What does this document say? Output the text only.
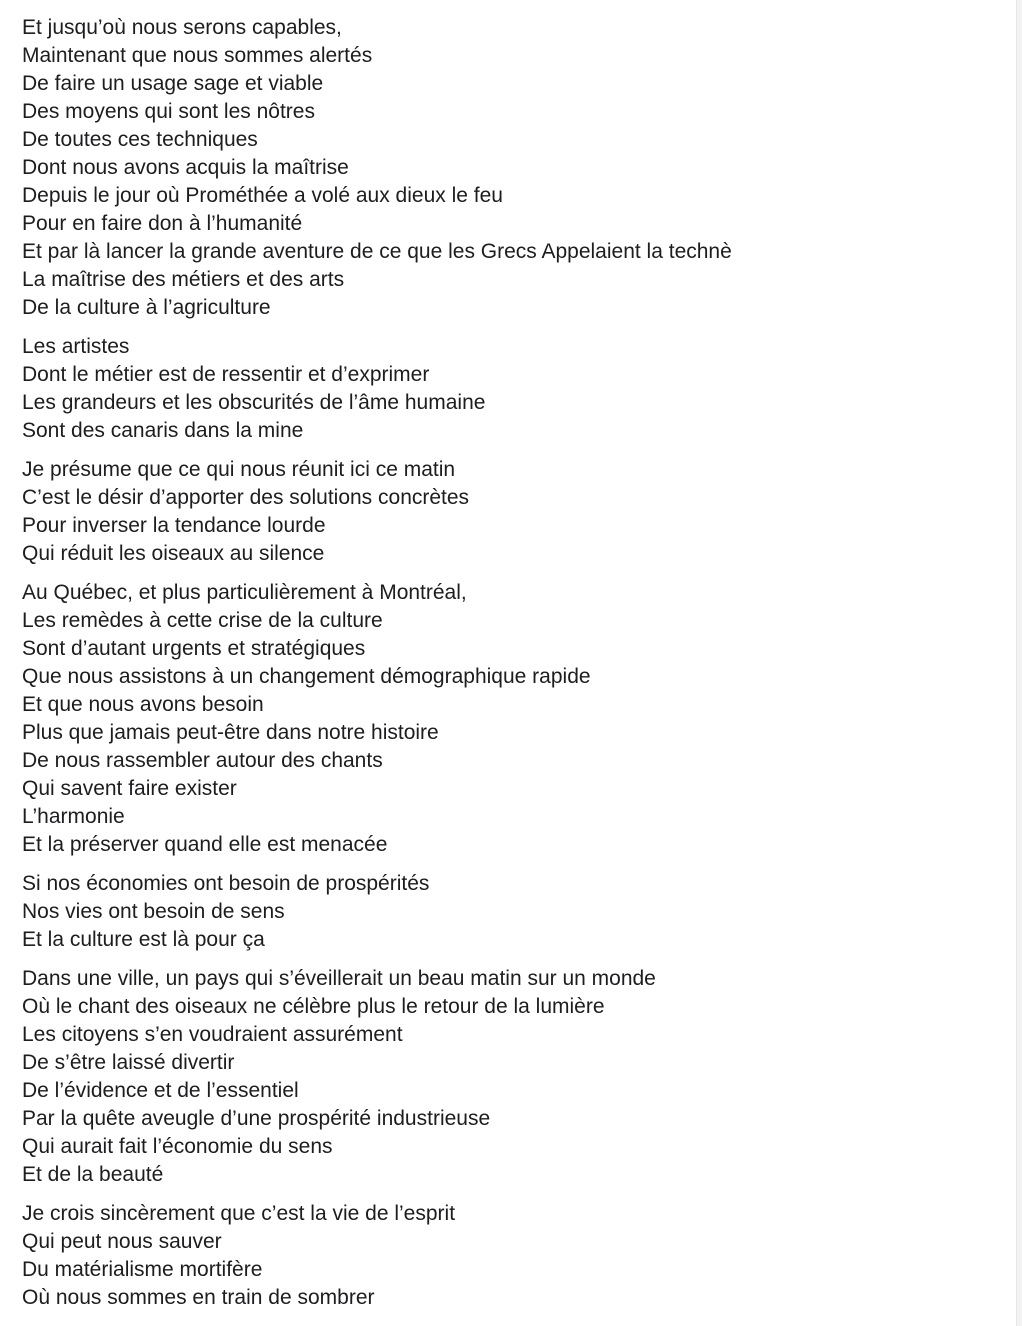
Et jusqu’où nous serons capables,
Maintenant que nous sommes alertés
De faire un usage sage et viable
Des moyens qui sont les nôtres
De toutes ces techniques
Dont nous avons acquis la maîtrise
Depuis le jour où Prométhée a volé aux dieux le feu
Pour en faire don à l’humanité
Et par là lancer la grande aventure de ce que les Grecs Appelaient la technè
La maîtrise des métiers et des arts
De la culture à l’agriculture
Les artistes
Dont le métier est de ressentir et d’exprimer
Les grandeurs et les obscurités de l’âme humaine
Sont des canaris dans la mine
Je présume que ce qui nous réunit ici ce matin
C’est le désir d’apporter des solutions concrètes
Pour inverser la tendance lourde
Qui réduit les oiseaux au silence
Au Québec, et plus particulièrement à Montréal,
Les remèdes à cette crise de la culture
Sont d’autant urgents et stratégiques
Que nous assistons à un changement démographique rapide
Et que nous avons besoin
Plus que jamais peut-être dans notre histoire
De nous rassembler autour des chants
Qui savent faire exister
L’harmonie
Et la préserver quand elle est menacée
Si nos économies ont besoin de prospérités
Nos vies ont besoin de sens
Et la culture est là pour ça
Dans une ville, un pays qui s’éveillerait un beau matin sur un monde
Où le chant des oiseaux ne célèbre plus le retour de la lumière
Les citoyens s’en voudraient assurément
De s’être laissé divertir
De l’évidence et de l’essentiel
Par la quête aveugle d’une prospérité industrieuse
Qui aurait fait l’économie du sens
Et de la beauté
Je crois sincèrement que c’est la vie de l’esprit
Qui peut nous sauver
Du matérialisme mortifère
Où nous sommes en train de sombrer
